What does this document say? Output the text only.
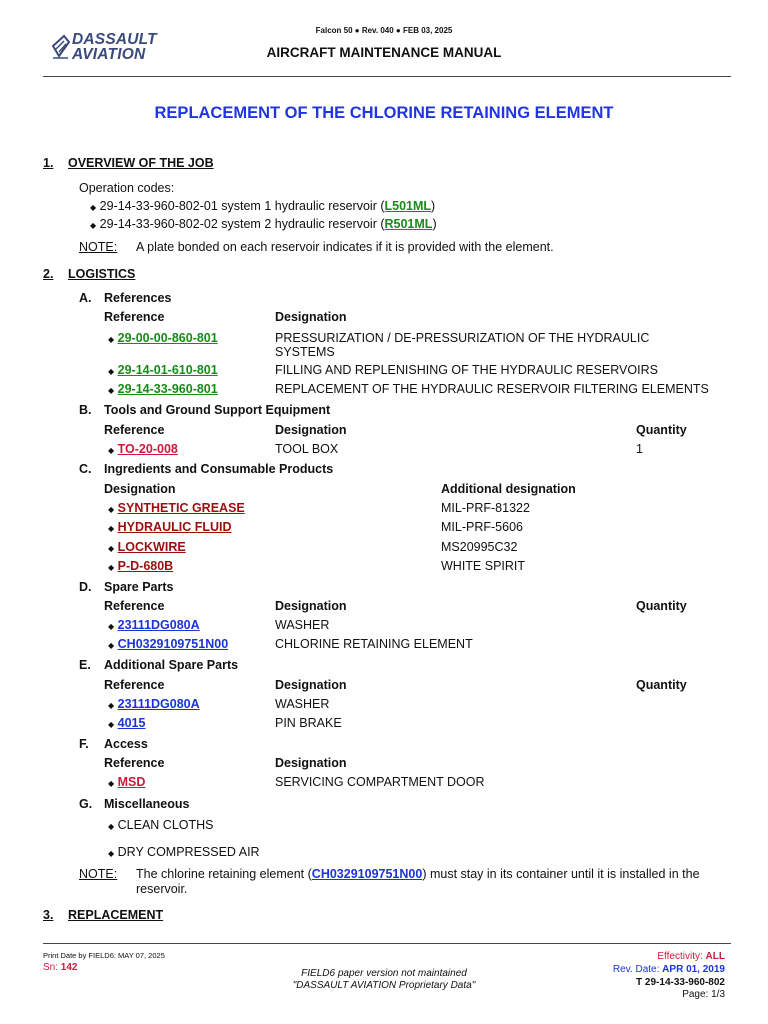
DASSAULT
AVIATION
Falcon 50 ● Rev. 040 ● FEB 03, 2025
AIRCRAFT MAINTENANCE MANUAL
REPLACEMENT OF THE CHLORINE RETAINING ELEMENT
1. OVERVIEW OF THE JOB
Operation codes:
◆ 29-14-33-960-802-01 system 1 hydraulic reservoir (L501ML)
◆ 29-14-33-960-802-02 system 2 hydraulic reservoir (R501ML)
NOTE: A plate bonded on each reservoir indicates if it is provided with the element.
2. LOGISTICS
A. References
Reference	Designation
◆ 29-00-00-860-801	PRESSURIZATION / DE-PRESSURIZATION OF THE HYDRAULIC
SYSTEMS
◆ 29-14-01-610-801	FILLING AND REPLENISHING OF THE HYDRAULIC RESERVOIRS
◆ 29-14-33-960-801	REPLACEMENT OF THE HYDRAULIC RESERVOIR FILTERING ELEMENTS
B. Tools and Ground Support Equipment
Reference	Designation	Quantity
◆ TO-20-008	TOOL BOX	1
C. Ingredients and Consumable Products
Designation	Additional designation
◆ SYNTHETIC GREASE	MIL-PRF-81322
◆ HYDRAULIC FLUID	MIL-PRF-5606
◆ LOCKWIRE	MS20995C32
◆ P-D-680B	WHITE SPIRIT
D. Spare Parts
Reference	Designation	Quantity
◆ 23111DG080A	WASHER
◆ CH0329109751N00	CHLORINE RETAINING ELEMENT
E. Additional Spare Parts
Reference	Designation	Quantity
◆ 23111DG080A	WASHER
◆ 4015	PIN BRAKE
F. Access
Reference	Designation
◆ MSD	SERVICING COMPARTMENT DOOR
G. Miscellaneous
◆ CLEAN CLOTHS
◆ DRY COMPRESSED AIR
NOTE: The chlorine retaining element (CH0329109751N00) must stay in its container until it is installed in the
reservoir.
3. REPLACEMENT
Print Date by FIELD6: MAY 07, 2025
Sn: 142
FIELD6 paper version not maintained
"DASSAULT AVIATION Proprietary Data"
Effectivity: ALL
Rev. Date: APR 01, 2019
T 29-14-33-960-802
Page: 1/3
